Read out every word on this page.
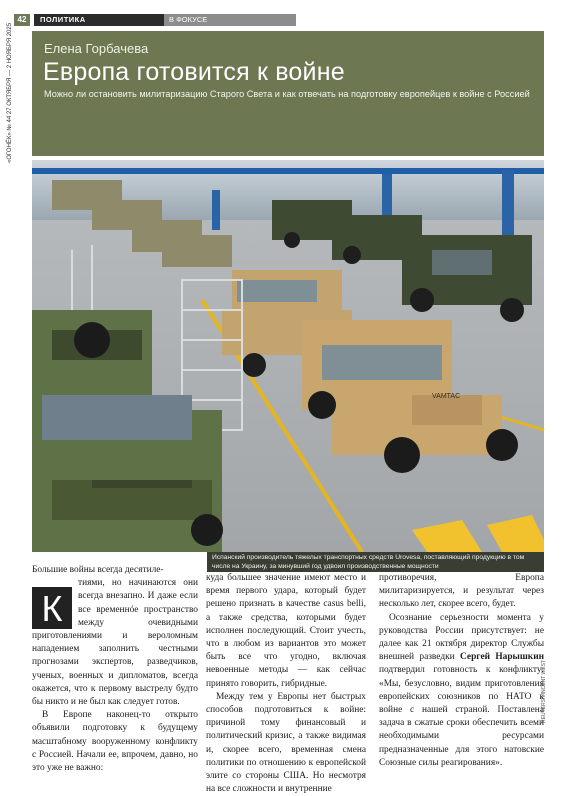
42	ПОЛИТИКА	В ФОКУСЕ
«ОГОНЁК» № 44 27 ОКТЯБРЯ — 2 НОЯБРЯ 2025 Елена Горбачева
Европа готовится к войне
Можно ли остановить милитаризацию Старого Света и как отвечать на подготовку европейцев к войне с Россией
VAMTAC
REUTERS/VINCENT WEST
Испанский производитель тяжелых транспортных средств Urovesa, поставляющий продукцию в том числе на Украину, за минувший год удвоил производственные мощности

Большие войны всегда десятиле-

К

тиями, но начинаются они всегда внезапно. И даже если все временнóе пространство между очевидными приготовлениями и вероломным нападением заполнить честными прогнозами экспертов, разведчиков, ученых, военных и дипломатов, всегда окажется, что к первому выстрелу будто бы никто и не был как следует готов.

В Европе наконец-то открыто объявили подготовку к будущему масштабному вооруженному конфликту с Россией. Начали ее, впрочем, давно, но это уже не важно:

куда большее значение имеют место и время первого удара, который будет решено признать в качестве casus belli, а также средства, которыми будет исполнен последующий. Стоит учесть, что в любом из вариантов это может быть все что угодно, включая невоенные методы — как сейчас принято говорить, гибридные.

Между тем у Европы нет быстрых способов подготовиться к войне: причиной тому финансовый и политический кризис, а также видимая и, скорее всего, временная смена политики по отношению к европейской элите со стороны США. Но несмотря на все сложности и внутренние

противоречия, Европа милитаризируется, и результат через несколько лет, скорее всего, будет.

Осознание серьезности момента у руководства России присутствует: не далее как 21 октября директор Службы внешней разведки Сергей Нарышкин подтвердил готовность к конфликту: «Мы, безусловно, видим приготовления европейских союзников по НАТО к войне с нашей страной. Поставлена задача в сжатые сроки обеспечить всеми необходимыми ресурсами предназначенные для этого натовские Союзные силы реагирования».
